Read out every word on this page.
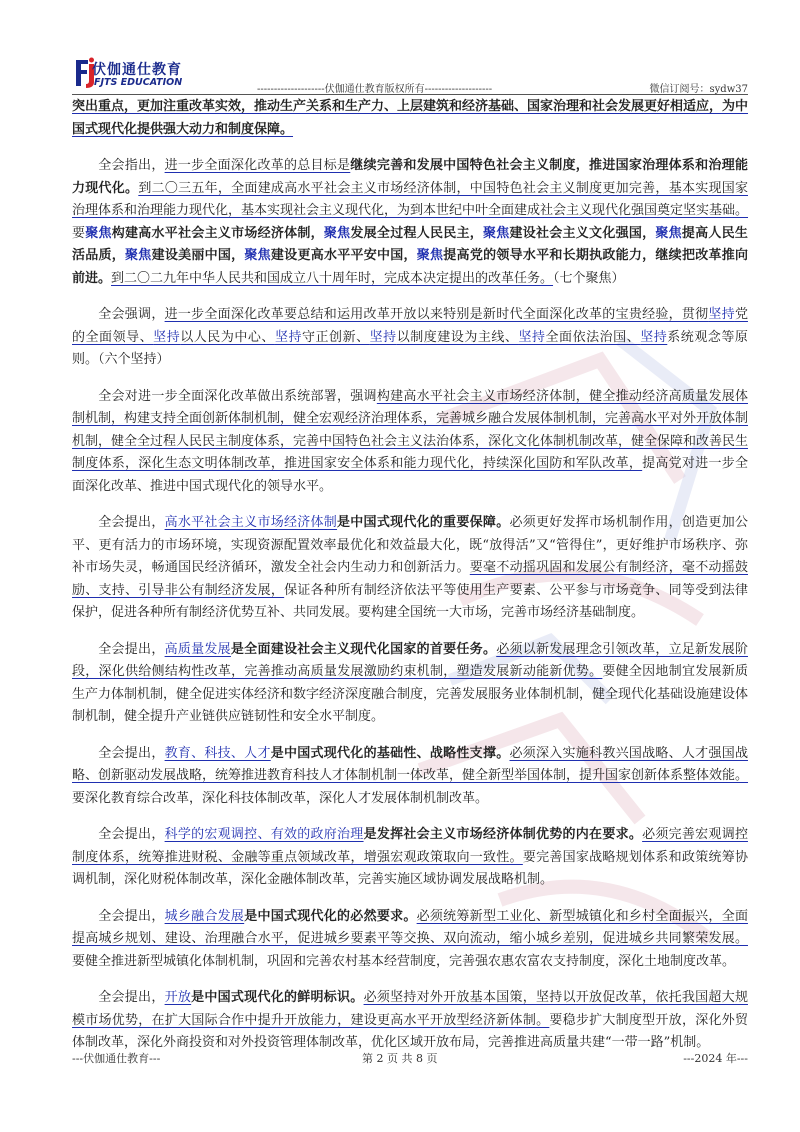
伏伽通仕教育
FJTS EDUCATION
--------------------伏伽通仕教育版权所有--------------------	微信订阅号：sydw37

突出重点，更加注重改革实效，推动生产关系和生产力、上层建筑和经济基础、国家治理和社会发展更好相适应，为中国式现代化提供强大动力和制度保障。

全会指出，进一步全面深化改革的总目标是继续完善和发展中国特色社会主义制度，推进国家治理体系和治理能力现代化。到二〇三五年，全面建成高水平社会主义市场经济体制，中国特色社会主义制度更加完善，基本实现国家治理体系和治理能力现代化，基本实现社会主义现代化，为到本世纪中叶全面建成社会主义现代化强国奠定坚实基础。要聚焦构建高水平社会主义市场经济体制，聚焦发展全过程人民民主，聚焦建设社会主义文化强国，聚焦提高人民生活品质，聚焦建设美丽中国，聚焦建设更高水平平安中国，聚焦提高党的领导水平和长期执政能力，继续把改革推向前进。到二〇二九年中华人民共和国成立八十周年时，完成本决定提出的改革任务。（七个聚焦）

全会强调，进一步全面深化改革要总结和运用改革开放以来特别是新时代全面深化改革的宝贵经验，贯彻坚持党的全面领导、坚持以人民为中心、坚持守正创新、坚持以制度建设为主线、坚持全面依法治国、坚持系统观念等原则。（六个坚持）

全会对进一步全面深化改革做出系统部署，强调构建高水平社会主义市场经济体制，健全推动经济高质量发展体制机制，构建支持全面创新体制机制，健全宏观经济治理体系，完善城乡融合发展体制机制，完善高水平对外开放体制机制，健全全过程人民民主制度体系，完善中国特色社会主义法治体系，深化文化体制机制改革，健全保障和改善民生制度体系，深化生态文明体制改革，推进国家安全体系和能力现代化，持续深化国防和军队改革，提高党对进一步全面深化改革、推进中国式现代化的领导水平。

全会提出，高水平社会主义市场经济体制是中国式现代化的重要保障。必须更好发挥市场机制作用，创造更加公平、更有活力的市场环境，实现资源配置效率最优化和效益最大化，既“放得活”又“管得住”，更好维护市场秩序、弥补市场失灵，畅通国民经济循环，激发全社会内生动力和创新活力。要毫不动摇巩固和发展公有制经济，毫不动摇鼓励、支持、引导非公有制经济发展，保证各种所有制经济依法平等使用生产要素、公平参与市场竞争、同等受到法律保护，促进各种所有制经济优势互补、共同发展。要构建全国统一大市场，完善市场经济基础制度。

全会提出，高质量发展是全面建设社会主义现代化国家的首要任务。必须以新发展理念引领改革，立足新发展阶段，深化供给侧结构性改革，完善推动高质量发展激励约束机制，塑造发展新动能新优势。要健全因地制宜发展新质生产力体制机制，健全促进实体经济和数字经济深度融合制度，完善发展服务业体制机制，健全现代化基础设施建设体制机制，健全提升产业链供应链韧性和安全水平制度。

全会提出，教育、科技、人才是中国式现代化的基础性、战略性支撑。必须深入实施科教兴国战略、人才强国战略、创新驱动发展战略，统筹推进教育科技人才体制机制一体改革，健全新型举国体制，提升国家创新体系整体效能。要深化教育综合改革，深化科技体制改革，深化人才发展体制机制改革。

全会提出，科学的宏观调控、有效的政府治理是发挥社会主义市场经济体制优势的内在要求。必须完善宏观调控制度体系，统筹推进财税、金融等重点领域改革，增强宏观政策取向一致性。要完善国家战略规划体系和政策统筹协调机制，深化财税体制改革，深化金融体制改革，完善实施区域协调发展战略机制。

全会提出，城乡融合发展是中国式现代化的必然要求。必须统筹新型工业化、新型城镇化和乡村全面振兴，全面提高城乡规划、建设、治理融合水平，促进城乡要素平等交换、双向流动，缩小城乡差别，促进城乡共同繁荣发展。要健全推进新型城镇化体制机制，巩固和完善农村基本经营制度，完善强农惠农富农支持制度，深化土地制度改革。

全会提出，开放是中国式现代化的鲜明标识。必须坚持对外开放基本国策，坚持以开放促改革，依托我国超大规模市场优势，在扩大国际合作中提升开放能力，建设更高水平开放型经济新体制。要稳步扩大制度型开放，深化外贸体制改革，深化外商投资和对外投资管理体制改革，优化区域开放布局，完善推进高质量共建“一带一路”机制。

---伏伽通仕教育---	第 2 页 共 8 页	---2024 年---
